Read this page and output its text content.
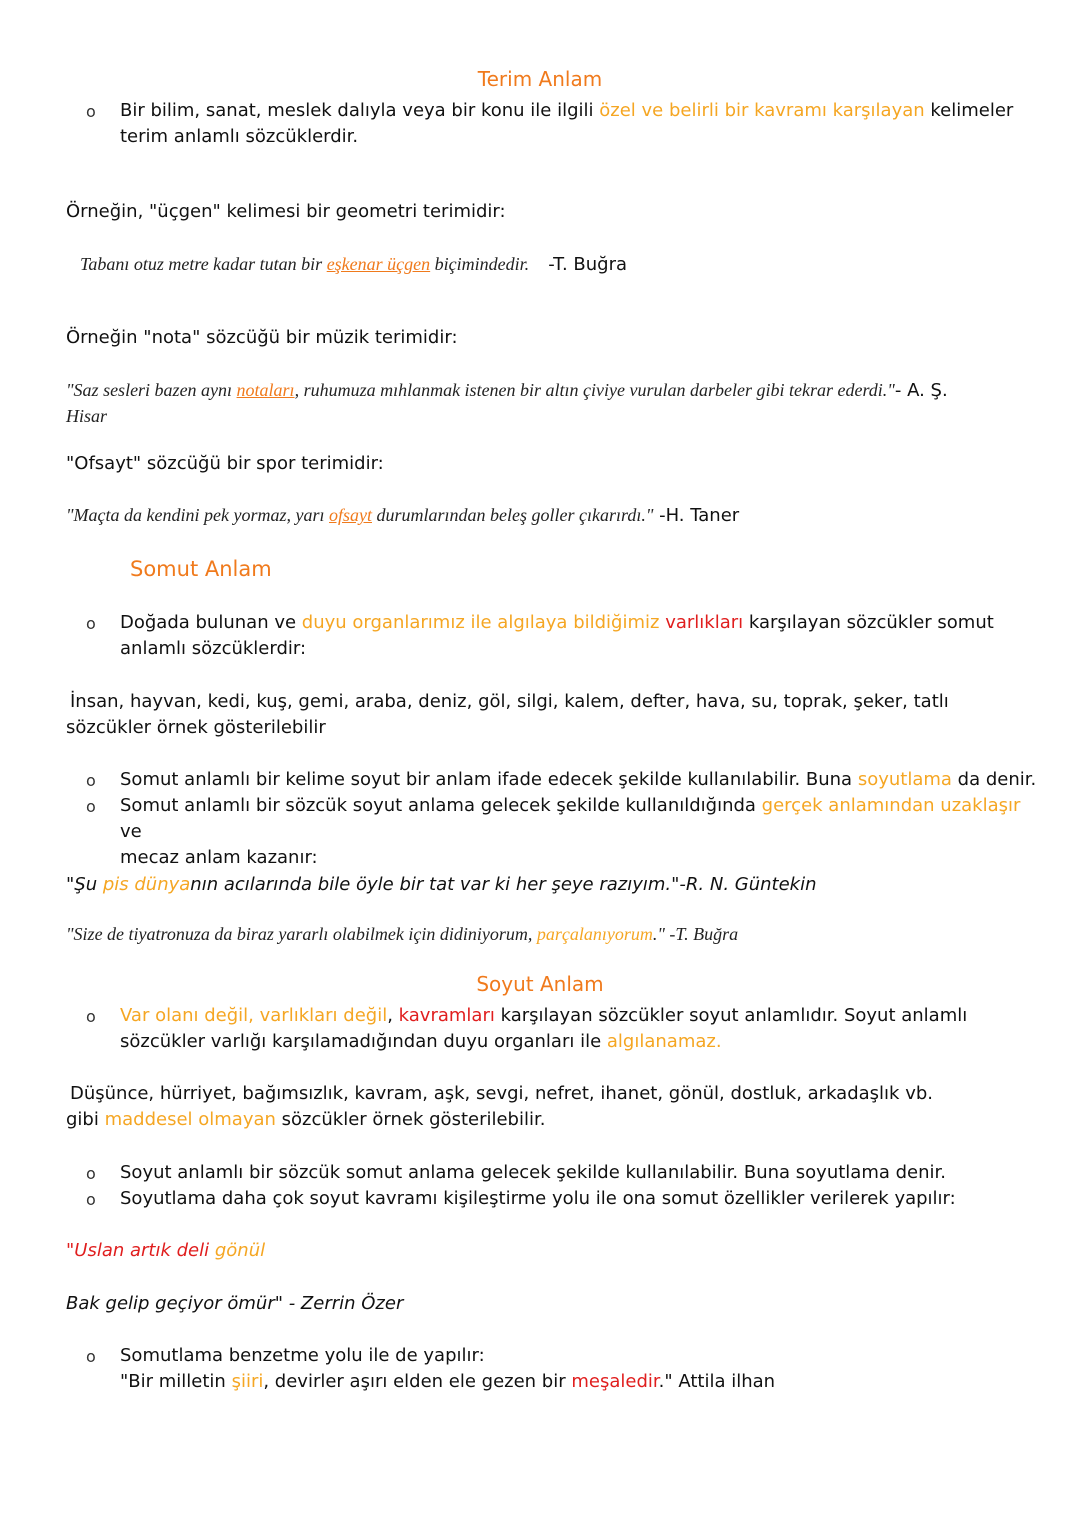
Terim Anlam
o Bir bilim, sanat, meslek dalıyla veya bir konu ile ilgili özel ve belirli bir kavramı karşılayan kelimeler
terim anlamlı sözcüklerdir.
Örneğin, "üçgen" kelimesi bir geometri terimidir:
Tabanı otuz metre kadar tutan bir eşkenar üçgen biçimindedir. -T. Buğra
Örneğin "nota" sözcüğü bir müzik terimidir:
"Saz sesleri bazen aynı notaları, ruhumuza mıhlanmak istenen bir altın çiviye vurulan darbeler gibi tekrar ederdi."- A. Ş.
Hisar
"Ofsayt" sözcüğü bir spor terimidir:
"Maçta da kendini pek yormaz, yarı ofsayt durumlarından beleş goller çıkarırdı." -H. Taner
Somut Anlam
o Doğada bulunan ve duyu organlarımız ile algılaya bildiğimiz varlıkları karşılayan sözcükler somut
anlamlı sözcüklerdir:
İnsan, hayvan, kedi, kuş, gemi, araba, deniz, göl, silgi, kalem, defter, hava, su, toprak, şeker, tatlı
sözcükler örnek gösterilebilir
o Somut anlamlı bir kelime soyut bir anlam ifade edecek şekilde kullanılabilir. Buna soyutlama da denir.
o Somut anlamlı bir sözcük soyut anlama gelecek şekilde kullanıldığında gerçek anlamından uzaklaşır ve
mecaz anlam kazanır:
"Şu pis dünyanın acılarında bile öyle bir tat var ki her şeye razıyım."-R. N. Güntekin
"Size de tiyatronuza da biraz yararlı olabilmek için didiniyorum, parçalanıyorum." -T. Buğra
Soyut Anlam
o Var olanı değil, varlıkları değil, kavramları karşılayan sözcükler soyut anlamlıdır. Soyut anlamlı
sözcükler varlığı karşılamadığından duyu organları ile algılanamaz.
Düşünce, hürriyet, bağımsızlık, kavram, aşk, sevgi, nefret, ihanet, gönül, dostluk, arkadaşlık vb.
gibi maddesel olmayan sözcükler örnek gösterilebilir.
o Soyut anlamlı bir sözcük somut anlama gelecek şekilde kullanılabilir. Buna soyutlama denir.
o Soyutlama daha çok soyut kavramı kişileştirme yolu ile ona somut özellikler verilerek yapılır:
"Uslan artık deli gönül
Bak gelip geçiyor ömür" - Zerrin Özer
o Somutlama benzetme yolu ile de yapılır:
"Bir milletin şiiri, devirler aşırı elden ele gezen bir meşaledir." Attila ilhan
